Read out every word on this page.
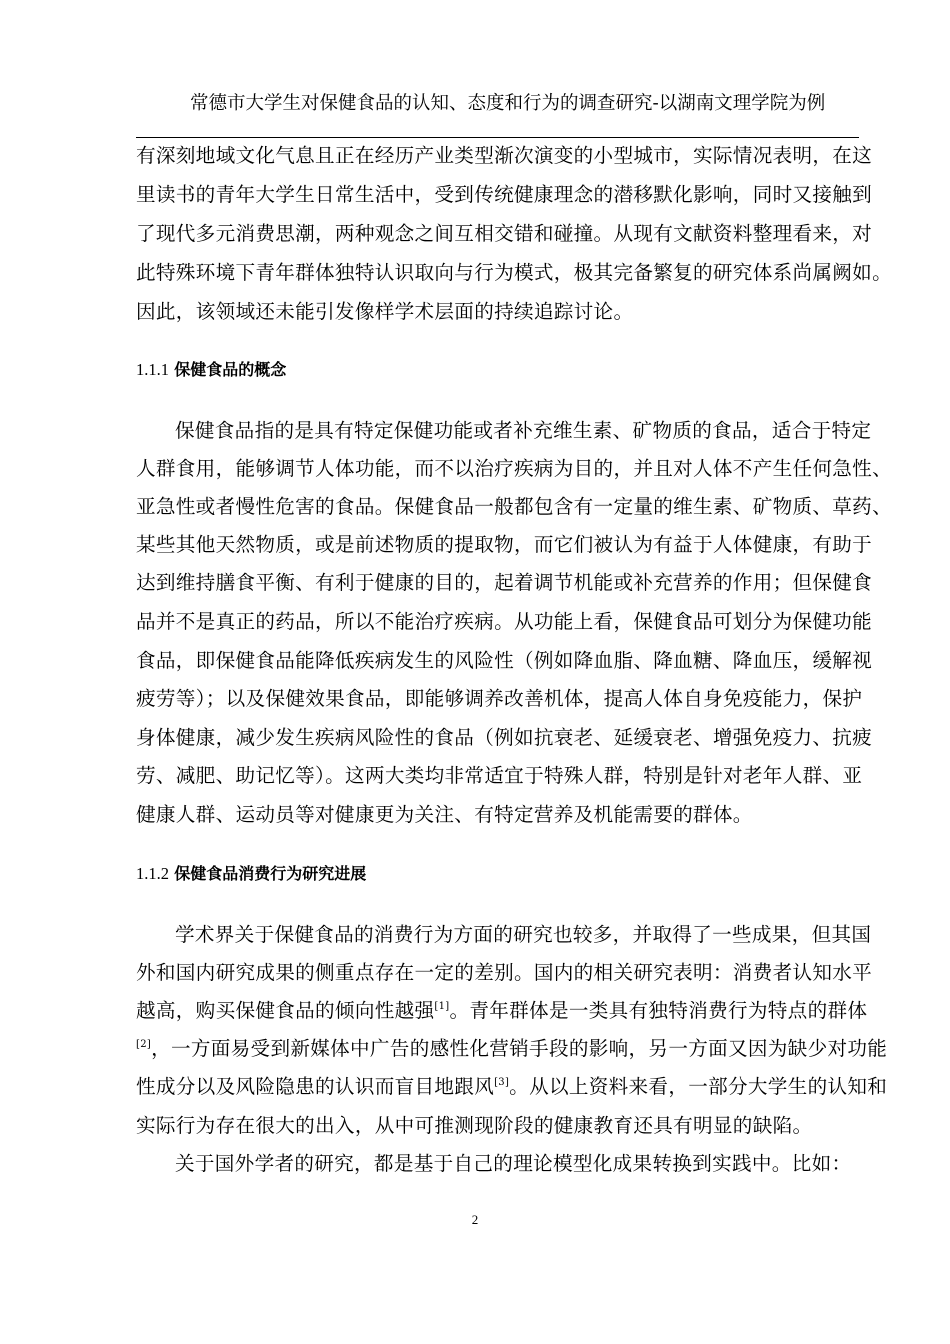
常德市大学生对保健食品的认知、态度和行为的调查研究-以湖南文理学院为例
有深刻地域文化气息且正在经历产业类型渐次演变的小型城市，实际情况表明，在这
里读书的青年大学生日常生活中，受到传统健康理念的潜移默化影响，同时又接触到
了现代多元消费思潮，两种观念之间互相交错和碰撞。从现有文献资料整理看来，对
此特殊环境下青年群体独特认识取向与行为模式，极其完备繁复的研究体系尚属阙如。
因此，该领域还未能引发像样学术层面的持续追踪讨论。
1.1.1 保健食品的概念
保健食品指的是具有特定保健功能或者补充维生素、矿物质的食品，适合于特定
人群食用，能够调节人体功能，而不以治疗疾病为目的，并且对人体不产生任何急性、
亚急性或者慢性危害的食品。保健食品一般都包含有一定量的维生素、矿物质、草药、
某些其他天然物质，或是前述物质的提取物，而它们被认为有益于人体健康，有助于
达到维持膳食平衡、有利于健康的目的，起着调节机能或补充营养的作用；但保健食
品并不是真正的药品，所以不能治疗疾病。从功能上看，保健食品可划分为保健功能
食品，即保健食品能降低疾病发生的风险性（例如降血脂、降血糖、降血压，缓解视
疲劳等）；以及保健效果食品，即能够调养改善机体，提高人体自身免疫能力，保护
身体健康，减少发生疾病风险性的食品（例如抗衰老、延缓衰老、增强免疫力、抗疲
劳、减肥、助记忆等）。这两大类均非常适宜于特殊人群，特别是针对老年人群、亚
健康人群、运动员等对健康更为关注、有特定营养及机能需要的群体。
1.1.2 保健食品消费行为研究进展
学术界关于保健食品的消费行为方面的研究也较多，并取得了一些成果，但其国
外和国内研究成果的侧重点存在一定的差别。国内的相关研究表明：消费者认知水平
越高，购买保健食品的倾向性越强[1]。青年群体是一类具有独特消费行为特点的群体
[2]，一方面易受到新媒体中广告的感性化营销手段的影响，另一方面又因为缺少对功能
性成分以及风险隐患的认识而盲目地跟风[3]。从以上资料来看，一部分大学生的认知和
实际行为存在很大的出入，从中可推测现阶段的健康教育还具有明显的缺陷。
关于国外学者的研究，都是基于自己的理论模型化成果转换到实践中。比如：
2
